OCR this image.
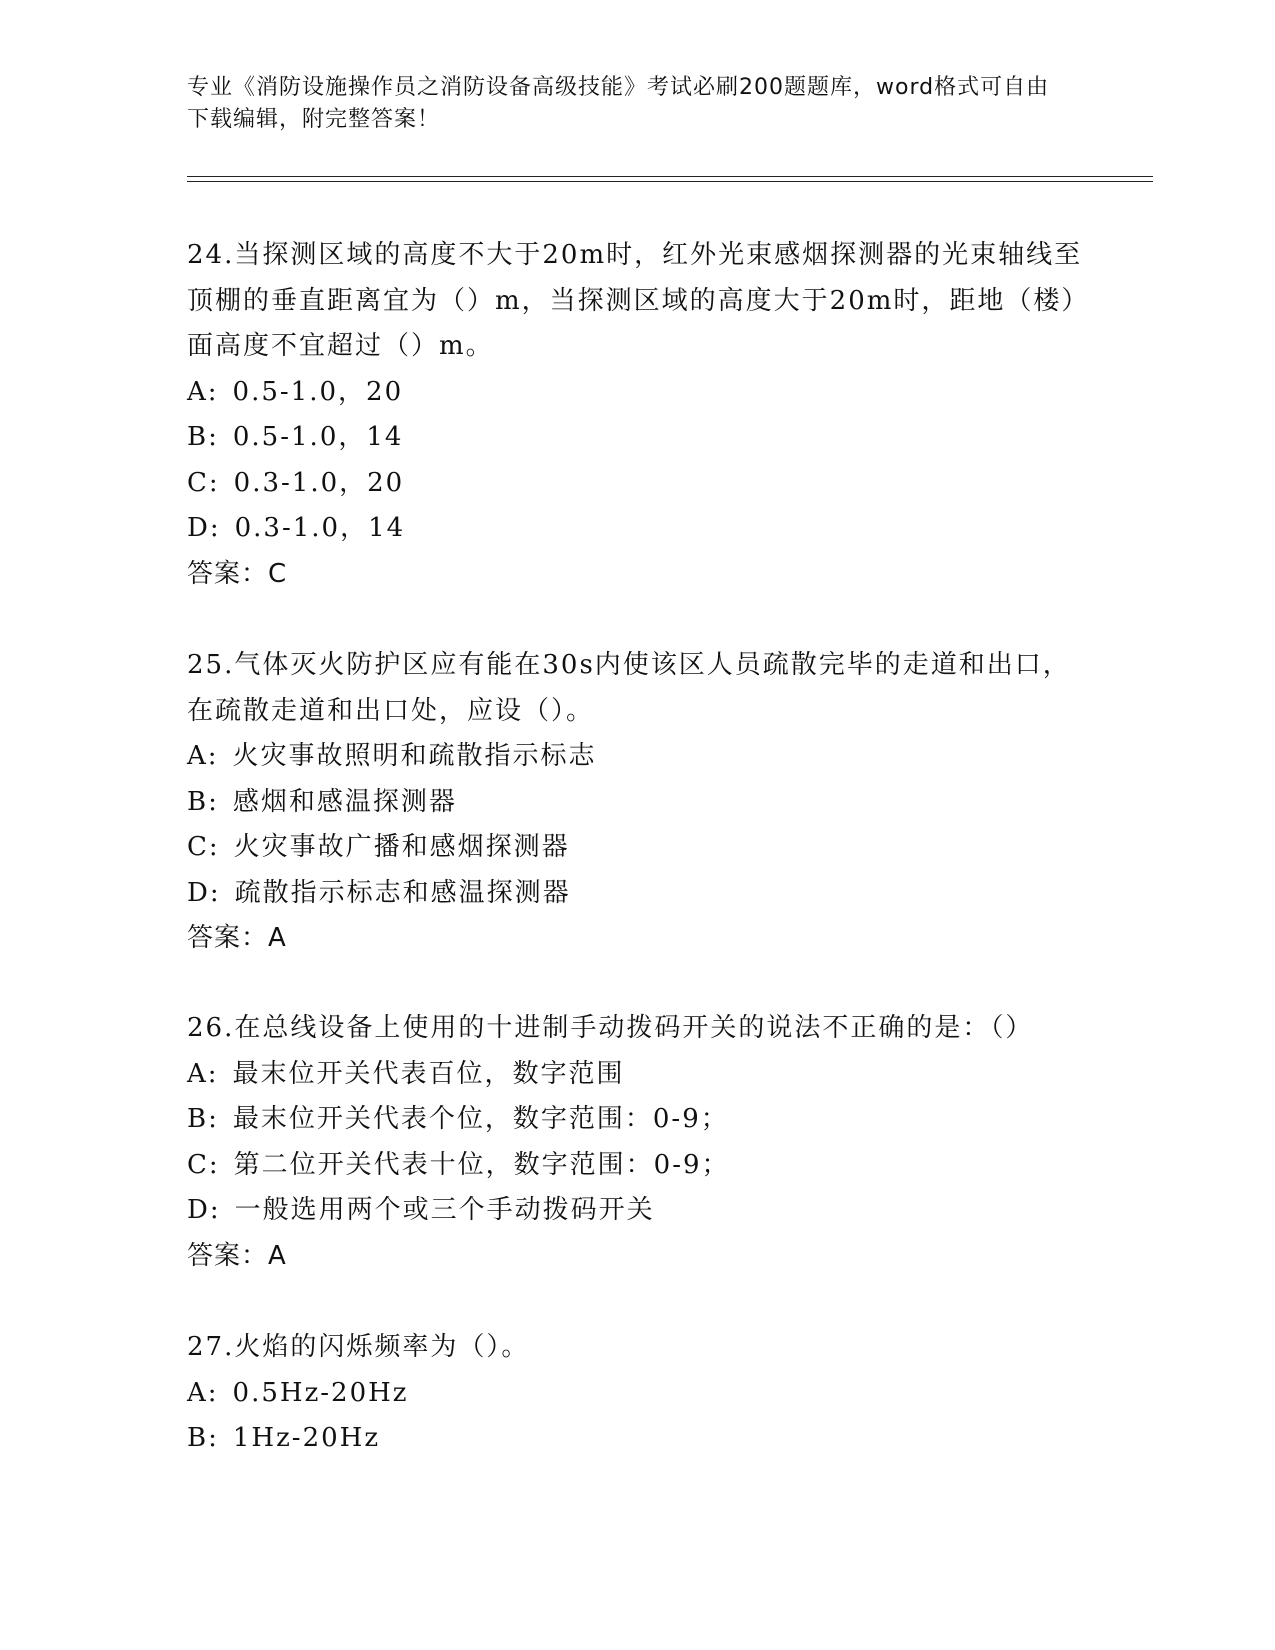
专业《消防设施操作员之消防设备高级技能》考试必刷200题题库，word格式可自由下载编辑，附完整答案！

24.当探测区域的高度不大于20m时，红外光束感烟探测器的光束轴线至顶棚的垂直距离宜为（）m，当探测区域的高度大于20m时，距地（楼）面高度不宜超过（）m。

A: 0.5-1.0，20

B: 0.5-1.0，14

C: 0.3-1.0，20

D: 0.3-1.0，14

答案：C

25.气体灭火防护区应有能在30s内使该区人员疏散完毕的走道和出口，在疏散走道和出口处，应设（）。

A: 火灾事故照明和疏散指示标志

B: 感烟和感温探测器

C: 火灾事故广播和感烟探测器

D: 疏散指示标志和感温探测器

答案：A

26.在总线设备上使用的十进制手动拨码开关的说法不正确的是：（）

A: 最末位开关代表百位，数字范围

B: 最末位开关代表个位，数字范围：0-9；

C: 第二位开关代表十位，数字范围：0-9；

D: 一般选用两个或三个手动拨码开关

答案：A

27.火焰的闪烁频率为（）。

A: 0.5Hz-20Hz

B: 1Hz-20Hz
